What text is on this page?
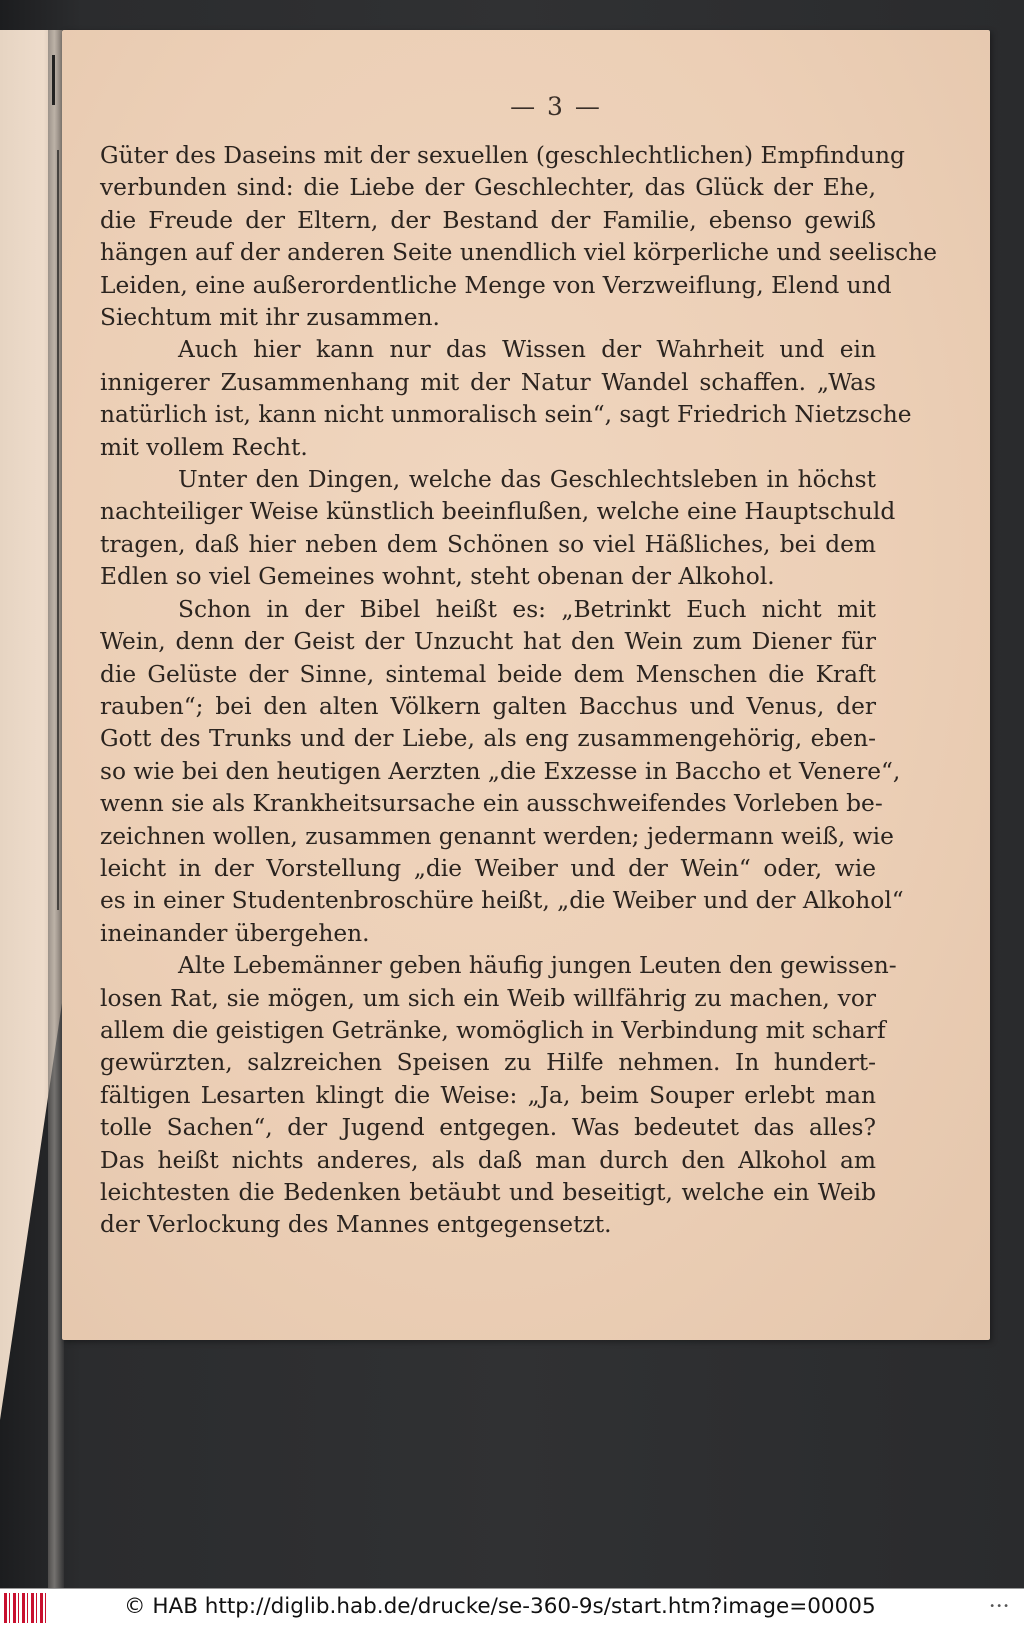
— 3 —
Güter des Daseins mit der sexuellen (geschlechtlichen) Empfindung
verbunden sind: die Liebe der Geschlechter, das Glück der Ehe,
die Freude der Eltern, der Bestand der Familie, ebenso gewiß
hängen auf der anderen Seite unendlich viel körperliche und seelische
Leiden, eine außerordentliche Menge von Verzweiflung, Elend und
Siechtum mit ihr zusammen.
Auch hier kann nur das Wissen der Wahrheit und ein
innigerer Zusammenhang mit der Natur Wandel schaffen. „Was
natürlich ist, kann nicht unmoralisch sein“, sagt Friedrich Nietzsche
mit vollem Recht.
Unter den Dingen, welche das Geschlechtsleben in höchst
nachteiliger Weise künstlich beeinflußen, welche eine Hauptschuld
tragen, daß hier neben dem Schönen so viel Häßliches, bei dem
Edlen so viel Gemeines wohnt, steht obenan der Alkohol.
Schon in der Bibel heißt es: „Betrinkt Euch nicht mit
Wein, denn der Geist der Unzucht hat den Wein zum Diener für
die Gelüste der Sinne, sintemal beide dem Menschen die Kraft
rauben“; bei den alten Völkern galten Bacchus und Venus, der
Gott des Trunks und der Liebe, als eng zusammengehörig, eben-
so wie bei den heutigen Aerzten „die Exzesse in Baccho et Venere“,
wenn sie als Krankheitsursache ein ausschweifendes Vorleben be-
zeichnen wollen, zusammen genannt werden; jedermann weiß, wie
leicht in der Vorstellung „die Weiber und der Wein“ oder, wie
es in einer Studentenbroschüre heißt, „die Weiber und der Alkohol“
ineinander übergehen.
Alte Lebemänner geben häufig jungen Leuten den gewissen-
losen Rat, sie mögen, um sich ein Weib willfährig zu machen, vor
allem die geistigen Getränke, womöglich in Verbindung mit scharf
gewürzten, salzreichen Speisen zu Hilfe nehmen. In hundert-
fältigen Lesarten klingt die Weise: „Ja, beim Souper erlebt man
tolle Sachen“, der Jugend entgegen. Was bedeutet das alles?
Das heißt nichts anderes, als daß man durch den Alkohol am
leichtesten die Bedenken betäubt und beseitigt, welche ein Weib
der Verlockung des Mannes entgegensetzt.
© HAB http://diglib.hab.de/drucke/se-360-9s/start.htm?image=00005	•••
